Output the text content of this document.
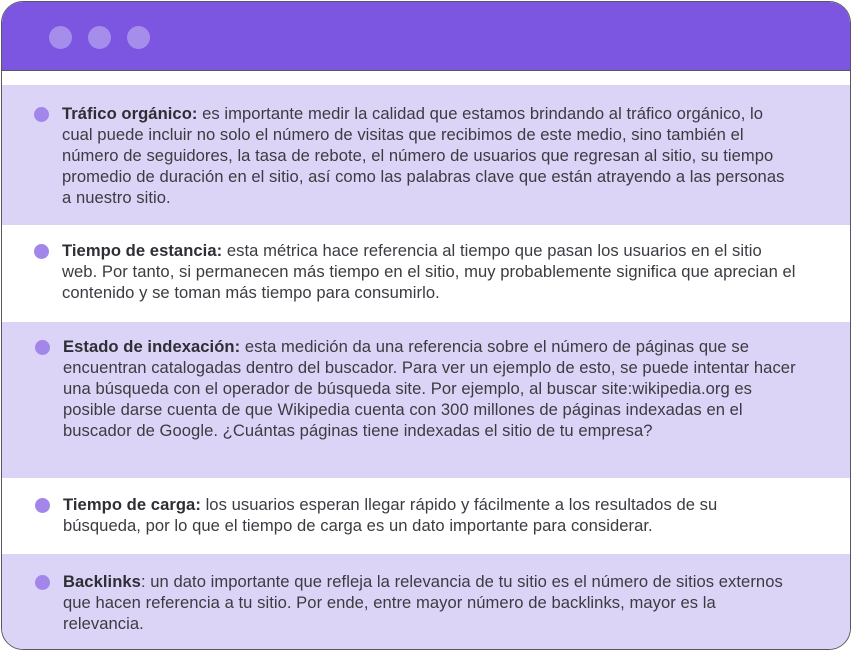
Tráfico orgánico: es importante medir la calidad que estamos brindando al tráfico orgánico, lo cual puede incluir no solo el número de visitas que recibimos de este medio, sino también el número de seguidores, la tasa de rebote, el número de usuarios que regresan al sitio, su tiempo promedio de duración en el sitio, así como las palabras clave que están atrayendo a las personas a nuestro sitio.
Tiempo de estancia: esta métrica hace referencia al tiempo que pasan los usuarios en el sitio web. Por tanto, si permanecen más tiempo en el sitio, muy probablemente significa que aprecian el contenido y se toman más tiempo para consumirlo.
Estado de indexación: esta medición da una referencia sobre el número de páginas que se encuentran catalogadas dentro del buscador. Para ver un ejemplo de esto, se puede intentar hacer una búsqueda con el operador de búsqueda site. Por ejemplo, al buscar site:wikipedia.org es posible darse cuenta de que Wikipedia cuenta con 300 millones de páginas indexadas en el buscador de Google. ¿Cuántas páginas tiene indexadas el sitio de tu empresa?
Tiempo de carga: los usuarios esperan llegar rápido y fácilmente a los resultados de su búsqueda, por lo que el tiempo de carga es un dato importante para considerar.
Backlinks: un dato importante que refleja la relevancia de tu sitio es el número de sitios externos que hacen referencia a tu sitio. Por ende, entre mayor número de backlinks, mayor es la relevancia.
